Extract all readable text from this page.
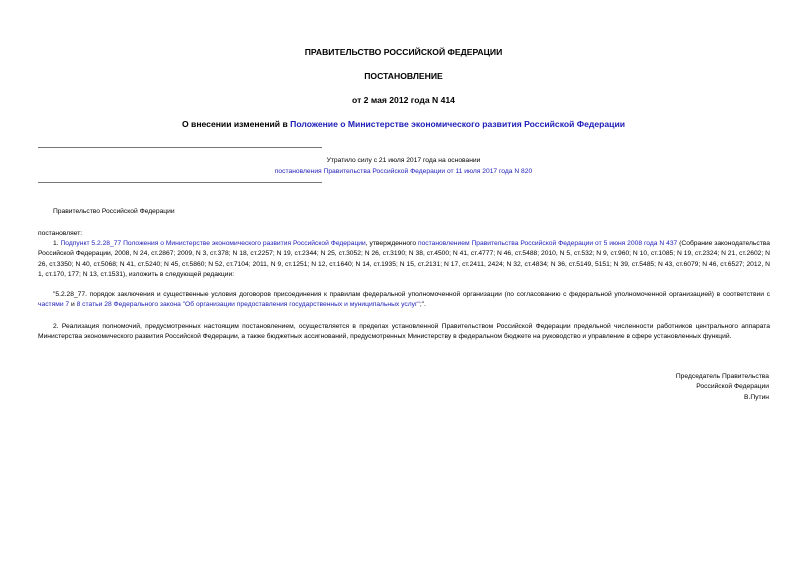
ПРАВИТЕЛЬСТВО РОССИЙСКОЙ ФЕДЕРАЦИИ
ПОСТАНОВЛЕНИЕ
от 2 мая 2012 года N 414
О внесении изменений в Положение о Министерстве экономического развития Российской Федерации
Утратило силу с 21 июля 2017 года на основании
постановления Правительства Российской Федерации от 11 июля 2017 года N 820
Правительство Российской Федерации
постановляет:
1. Подпункт 5.2.28_77 Положения о Министерстве экономического развития Российской Федерации, утвержденного постановлением Правительства Российской Федерации от 5 июня 2008 года N 437 (Собрание законодательства Российской Федерации, 2008, N 24, ст.2867; 2009, N 3, ст.378; N 18, ст.2257; N 19, ст.2344; N 25, ст.3052; N 26, ст.3190; N 38, ст.4500; N 41, ст.4777; N 46, ст.5488; 2010, N 5, ст.532; N 9, ст.960; N 10, ст.1085; N 19, ст.2324; N 21, ст.2602; N 26, ст.3350; N 40, ст.5068; N 41, ст.5240; N 45, ст.5860; N 52, ст.7104; 2011, N 9, ст.1251; N 12, ст.1640; N 14, ст.1935; N 15, ст.2131; N 17, ст.2411, 2424; N 32, ст.4834; N 36, ст.5149, 5151; N 39, ст.5485; N 43, ст.6079; N 46, ст.6527; 2012, N 1, ст.170, 177; N 13, ст.1531), изложить в следующей редакции:
"5.2.28_77. порядок заключения и существенные условия договоров присоединения к правилам федеральной уполномоченной организации (по согласованию с федеральной уполномоченной организацией) в соответствии с частями 7 и 8 статьи 28 Федерального закона "Об организации предоставления государственных и муниципальных услуг";".
2. Реализация полномочий, предусмотренных настоящим постановлением, осуществляется в пределах установленной Правительством Российской Федерации предельной численности работников центрального аппарата Министерства экономического развития Российской Федерации, а также бюджетных ассигнований, предусмотренных Министерству в федеральном бюджете на руководство и управление в сфере установленных функций.
Председатель Правительства
Российской Федерации
В.Путин
